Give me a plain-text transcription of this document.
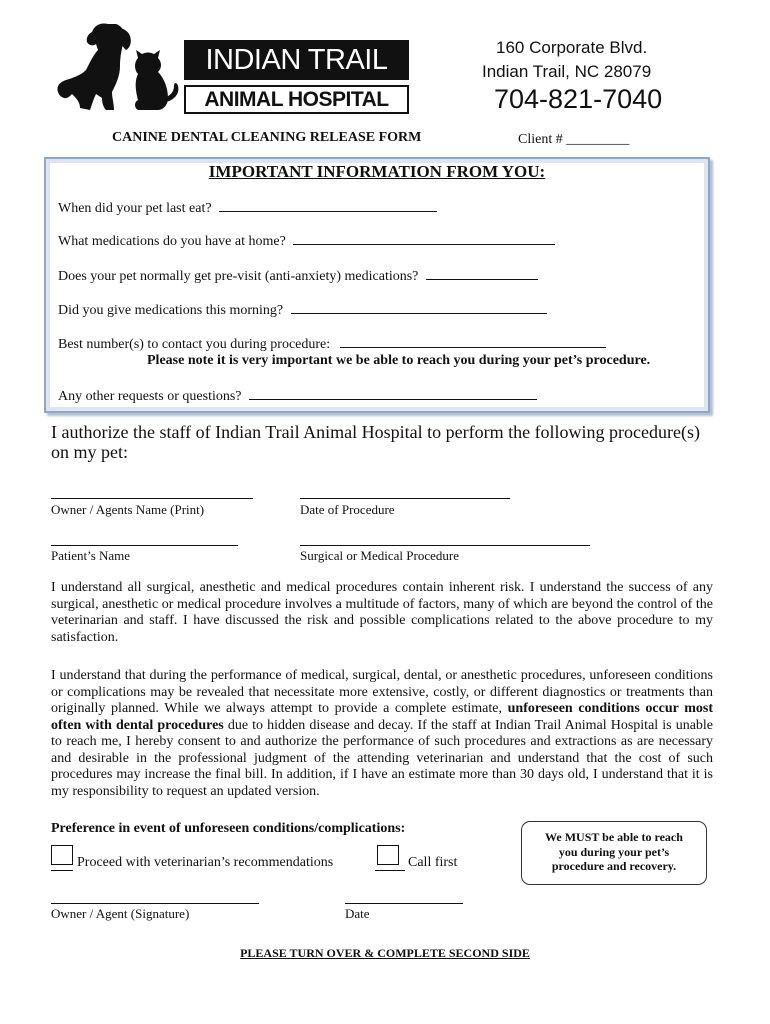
INDIAN TRAIL
ANIMAL HOSPITAL
160 Corporate Blvd.
Indian Trail, NC 28079
704-821-7040
CANINE DENTAL CLEANING RELEASE FORM	Client # _________
IMPORTANT INFORMATION FROM YOU:
When did your pet last eat?
What medications do you have at home?
Does your pet normally get pre-visit (anti-anxiety) medications?
Did you give medications this morning?
Best number(s) to contact you during procedure:
Please note it is very important we be able to reach you during your pet’s procedure.
Any other requests or questions?
I authorize the staff of Indian Trail Animal Hospital to perform the following procedure(s) on my pet:
Owner / Agents Name (Print)	Date of Procedure
Patient’s Name	Surgical or Medical Procedure
I understand all surgical, anesthetic and medical procedures contain inherent risk. I understand the success of any surgical, anesthetic or medical procedure involves a multitude of factors, many of which are beyond the control of the veterinarian and staff. I have discussed the risk and possible complications related to the above procedure to my satisfaction.
I understand that during the performance of medical, surgical, dental, or anesthetic procedures, unforeseen conditions or complications may be revealed that necessitate more extensive, costly, or different diagnostics or treatments than originally planned. While we always attempt to provide a complete estimate, unforeseen conditions occur most often with dental procedures due to hidden disease and decay. If the staff at Indian Trail Animal Hospital is unable to reach me, I hereby consent to and authorize the performance of such procedures and extractions as are necessary and desirable in the professional judgment of the attending veterinarian and understand that the cost of such procedures may increase the final bill. In addition, if I have an estimate more than 30 days old, I understand that it is my responsibility to request an updated version.
Preference in event of unforeseen conditions/complications:
Proceed with veterinarian’s recommendations	Call first
We MUST be able to reach
you during your pet’s
procedure and recovery.
Owner / Agent (Signature)	Date
PLEASE TURN OVER & COMPLETE SECOND SIDE
